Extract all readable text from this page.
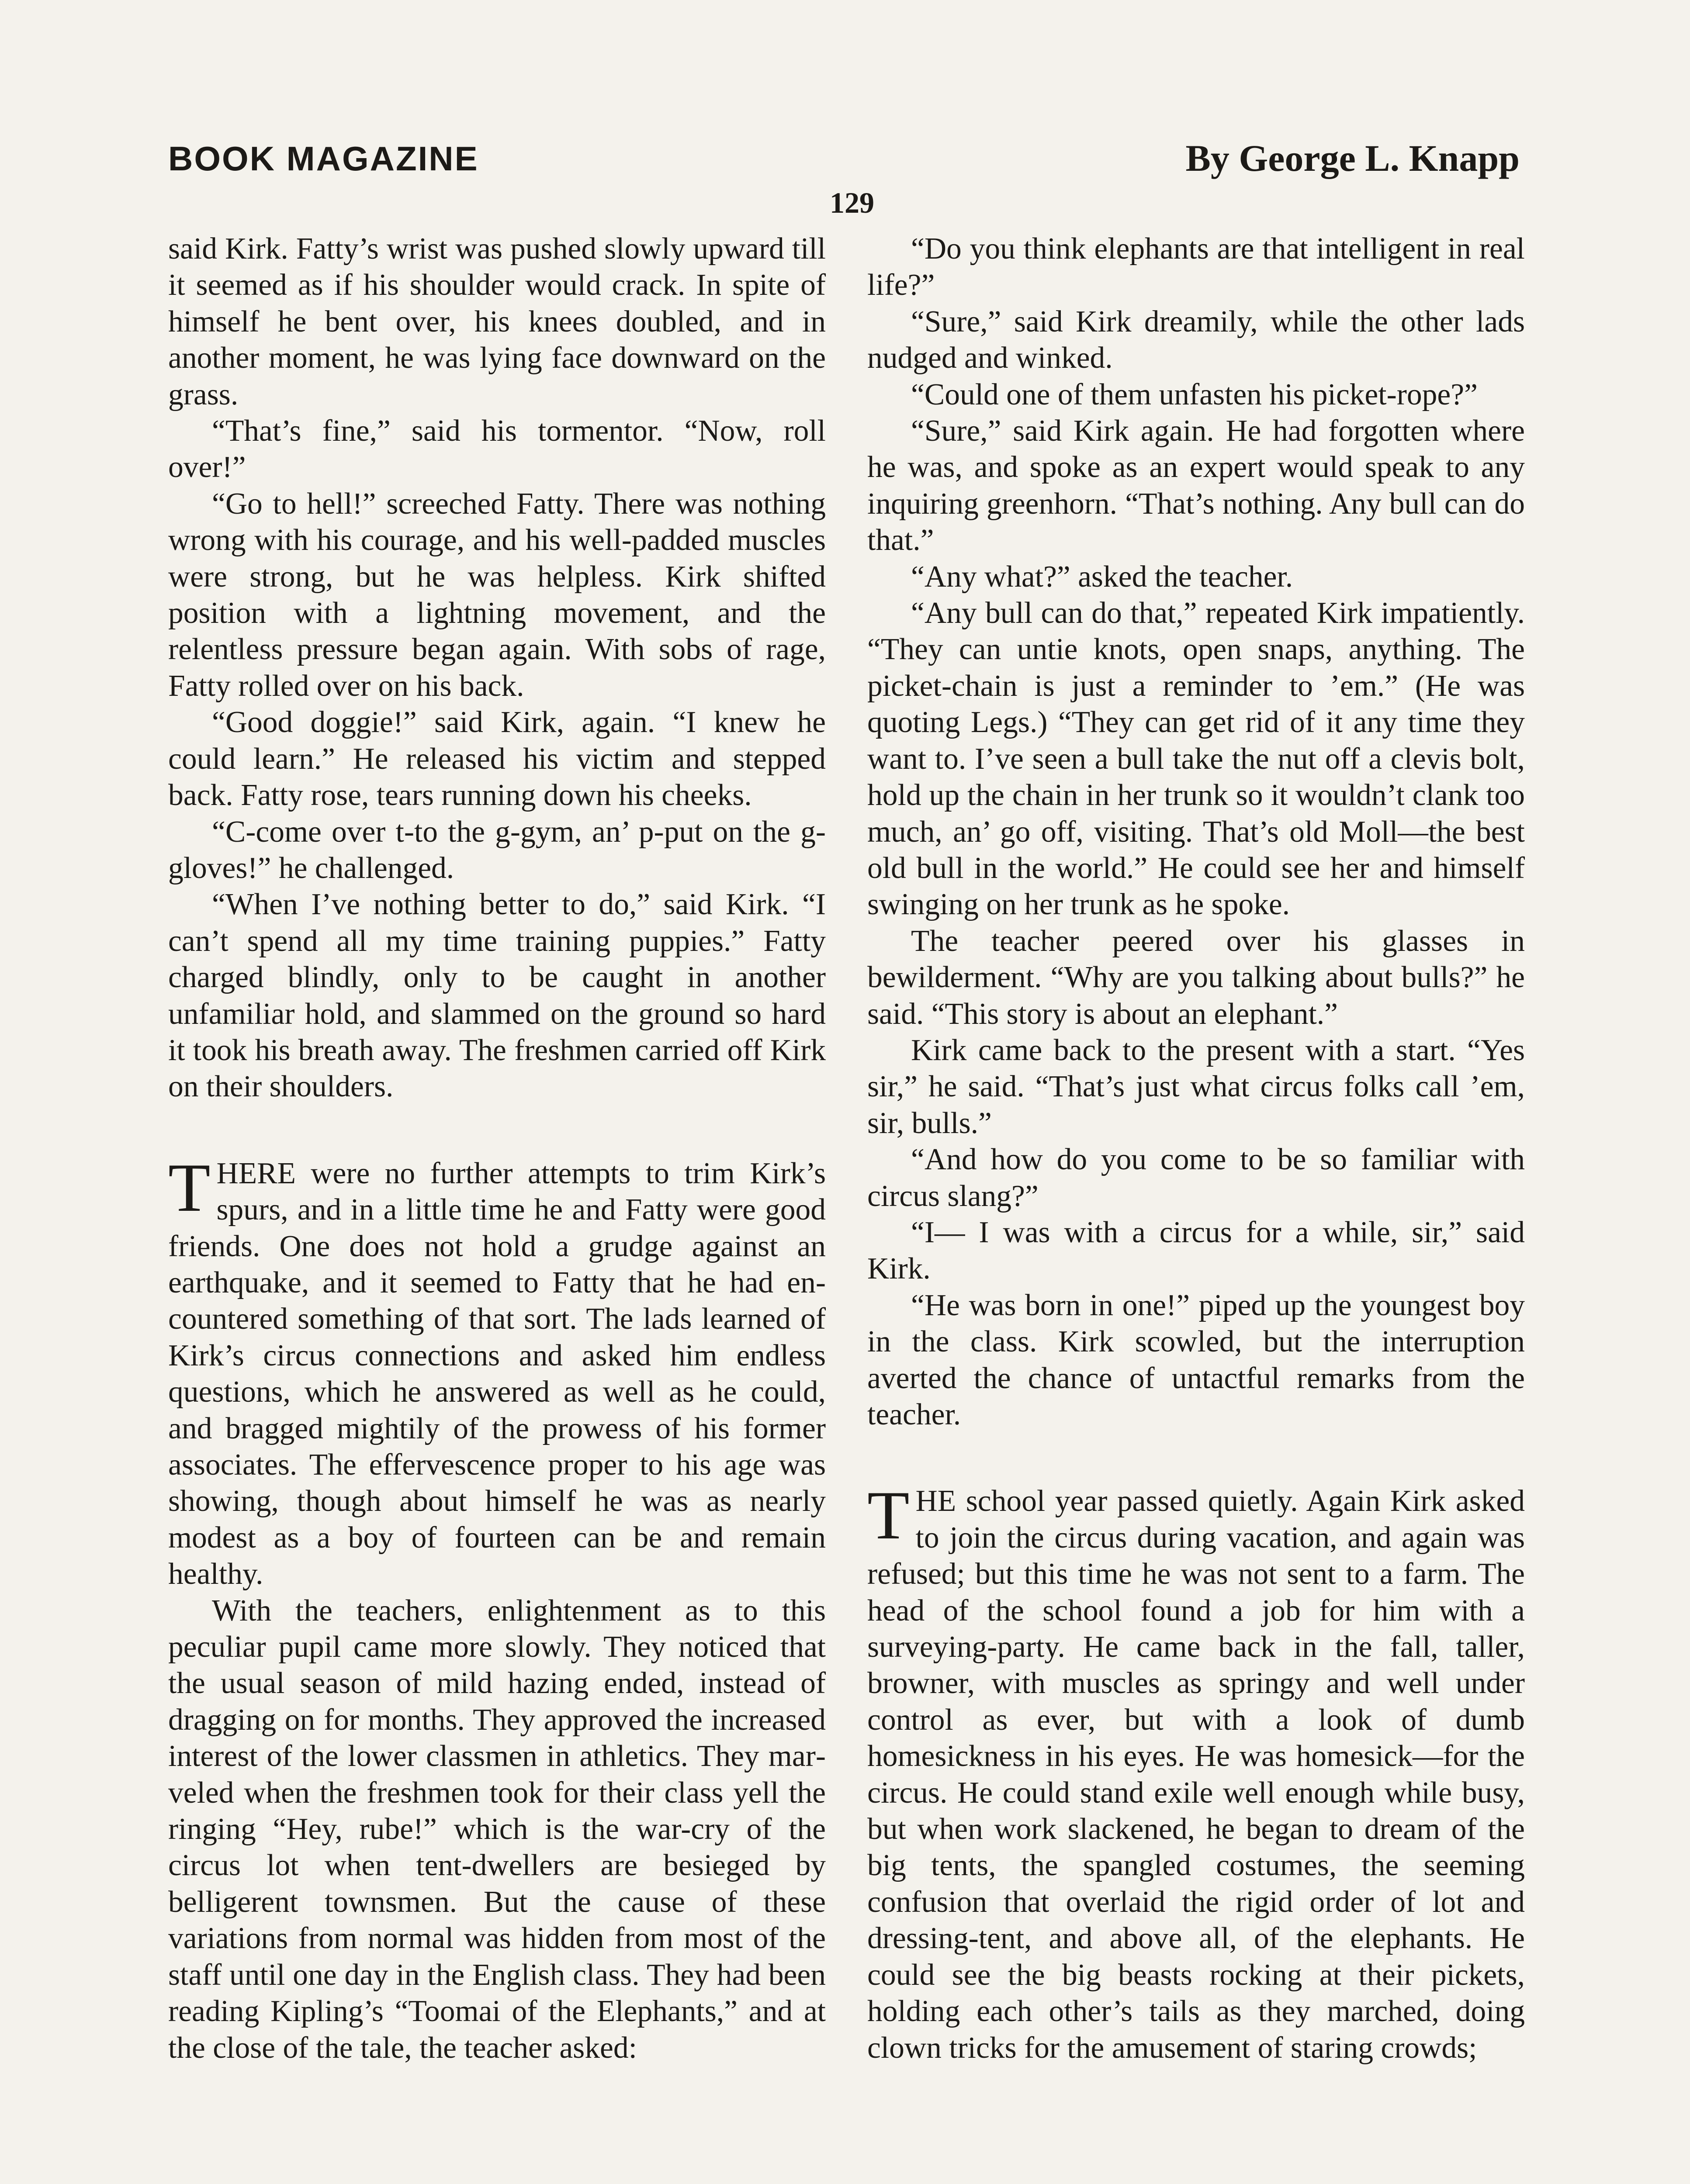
BOOK MAGAZINE	By George L. Knapp
129

said Kirk. Fatty’s wrist was pushed slowly upward till it seemed as if his shoulder would crack. In spite of himself he bent over, his knees doubled, and in another moment, he was lying face downward on the grass.

“That’s fine,” said his tormentor. “Now, roll over!”

“Go to hell!” screeched Fatty. There was nothing wrong with his courage, and his well-padded muscles were strong, but he was helpless. Kirk shifted position with a lightning movement, and the relentless pressure began again. With sobs of rage, Fatty rolled over on his back.

“Good doggie!” said Kirk, again. “I knew he could learn.” He released his victim and stepped back. Fatty rose, tears running down his cheeks.

“C-come over t-to the g-gym, an’ p-put on the g-gloves!” he challenged.

“When I’ve nothing better to do,” said Kirk. “I can’t spend all my time training puppies.” Fatty charged blindly, only to be caught in another unfamiliar hold, and slammed on the ground so hard it took his breath away. The freshmen carried off Kirk on their shoulders.

THERE were no further attempts to trim Kirk’s spurs, and in a little time he and Fatty were good friends. One does not hold a grudge against an earthquake, and it seemed to Fatty that he had encountered something of that sort. The lads learned of Kirk’s circus connections and asked him endless questions, which he answered as well as he could, and bragged mightily of the prowess of his former associates. The effervescence proper to his age was showing, though about himself he was as nearly modest as a boy of fourteen can be and remain healthy.

With the teachers, enlightenment as to this peculiar pupil came more slowly. They noticed that the usual season of mild hazing ended, instead of dragging on for months. They approved the increased interest of the lower classmen in athletics. They marveled when the freshmen took for their class yell the ringing “Hey, rube!” which is the war-cry of the circus lot when tent-dwellers are besieged by belligerent townsmen. But the cause of these variations from normal was hidden from most of the staff until one day in the English class. They had been reading Kipling’s “Toomai of the Elephants,” and at the close of the tale, the teacher asked:

“Do you think elephants are that intelligent in real life?”

“Sure,” said Kirk dreamily, while the other lads nudged and winked.

“Could one of them unfasten his picket-rope?”

“Sure,” said Kirk again. He had forgotten where he was, and spoke as an expert would speak to any inquiring greenhorn. “That’s nothing. Any bull can do that.”

“Any what?” asked the teacher.

“Any bull can do that,” repeated Kirk impatiently. “They can untie knots, open snaps, anything. The picket-chain is just a reminder to ’em.” (He was quoting Legs.) “They can get rid of it any time they want to. I’ve seen a bull take the nut off a clevis bolt, hold up the chain in her trunk so it wouldn’t clank too much, an’ go off, visiting. That’s old Moll—the best old bull in the world.” He could see her and himself swinging on her trunk as he spoke.

The teacher peered over his glasses in bewilderment. “Why are you talking about bulls?” he said. “This story is about an elephant.”

Kirk came back to the present with a start. “Yes sir,” he said. “That’s just what circus folks call ’em, sir, bulls.”

“And how do you come to be so familiar with circus slang?”

“I— I was with a circus for a while, sir,” said Kirk.

“He was born in one!” piped up the youngest boy in the class. Kirk scowled, but the interruption averted the chance of untactful remarks from the teacher.

THE school year passed quietly. Again Kirk asked to join the circus during vacation, and again was refused; but this time he was not sent to a farm. The head of the school found a job for him with a surveying-party. He came back in the fall, taller, browner, with muscles as springy and well under control as ever, but with a look of dumb homesickness in his eyes. He was homesick—for the circus. He could stand exile well enough while busy, but when work slackened, he began to dream of the big tents, the spangled costumes, the seeming confusion that overlaid the rigid order of lot and dressing-tent, and above all, of the elephants. He could see the big beasts rocking at their pickets, holding each other’s tails as they marched, doing clown tricks for the amusement of staring crowds;
